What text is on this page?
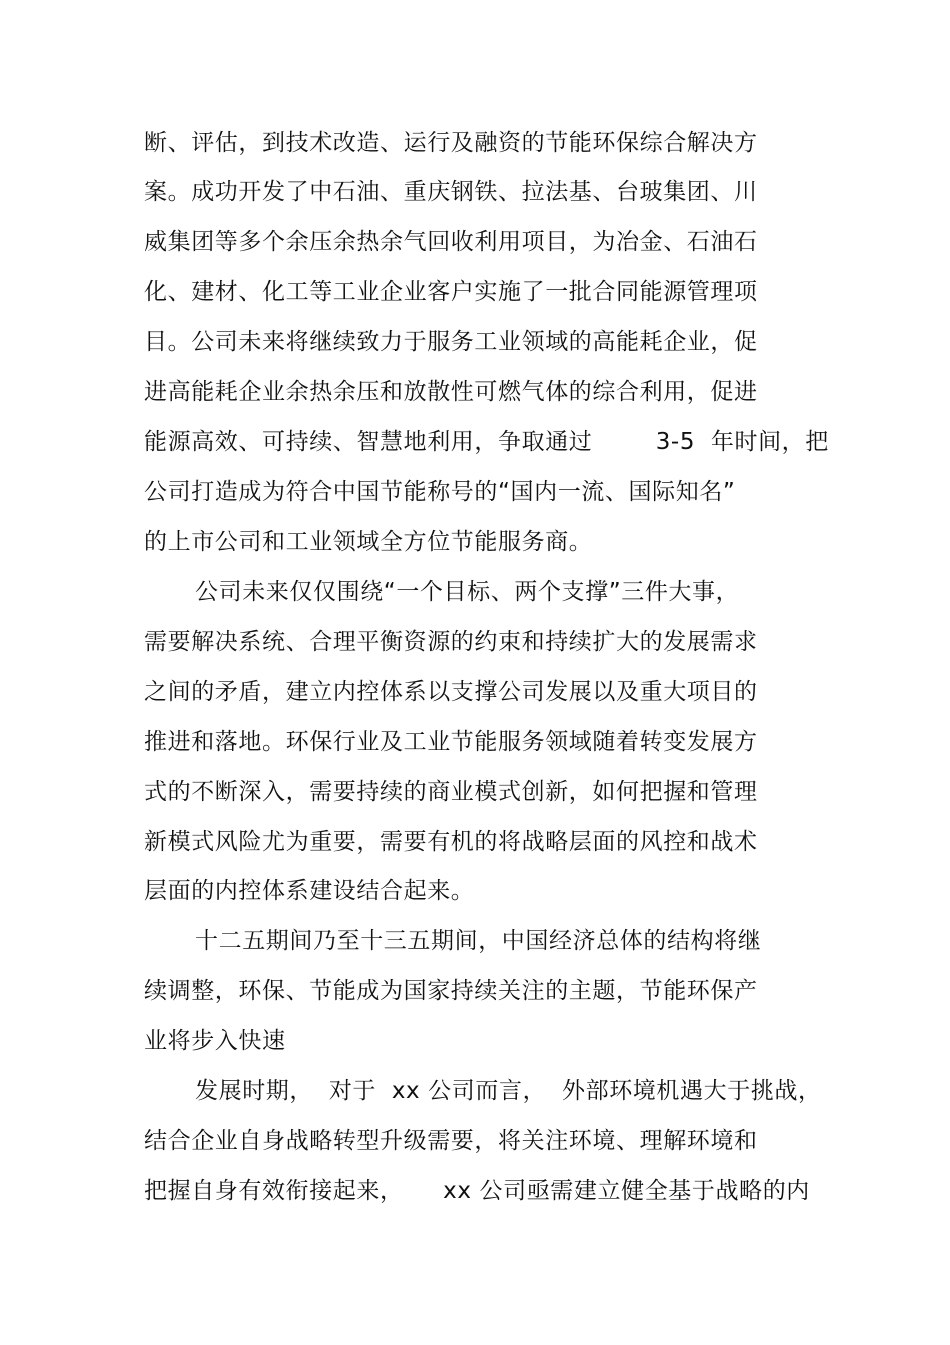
断、评估，到技术改造、运行及融资的节能环保综合解决方
案。成功开发了中石油、重庆钢铁、拉法基、台玻集团、川
威集团等多个余压余热余气回收利用项目，为冶金、石油石
化、建材、化工等工业企业客户实施了一批合同能源管理项
目。公司未来将继续致力于服务工业领域的高能耗企业，促
进高能耗企业余热余压和放散性可燃气体的综合利用，促进
能源高效、可持续、智慧地利用，争取通过        3-5  年时间，把
公司打造成为符合中国节能称号的“国内一流、国际知名”
的上市公司和工业领域全方位节能服务商。
公司未来仅仅围绕“一个目标、两个支撑”三件大事，
需要解决系统、合理平衡资源的约束和持续扩大的发展需求
之间的矛盾，建立内控体系以支撑公司发展以及重大项目的
推进和落地。环保行业及工业节能服务领域随着转变发展方
式的不断深入，需要持续的商业模式创新，如何把握和管理
新模式风险尤为重要，需要有机的将战略层面的风控和战术
层面的内控体系建设结合起来。
十二五期间乃至十三五期间，中国经济总体的结构将继
续调整，环保、节能成为国家持续关注的主题，节能环保产
业将步入快速
发展时期，  对于  xx 公司而言，  外部环境机遇大于挑战，
结合企业自身战略转型升级需要，将关注环境、理解环境和
把握自身有效衔接起来，     xx 公司亟需建立健全基于战略的内
